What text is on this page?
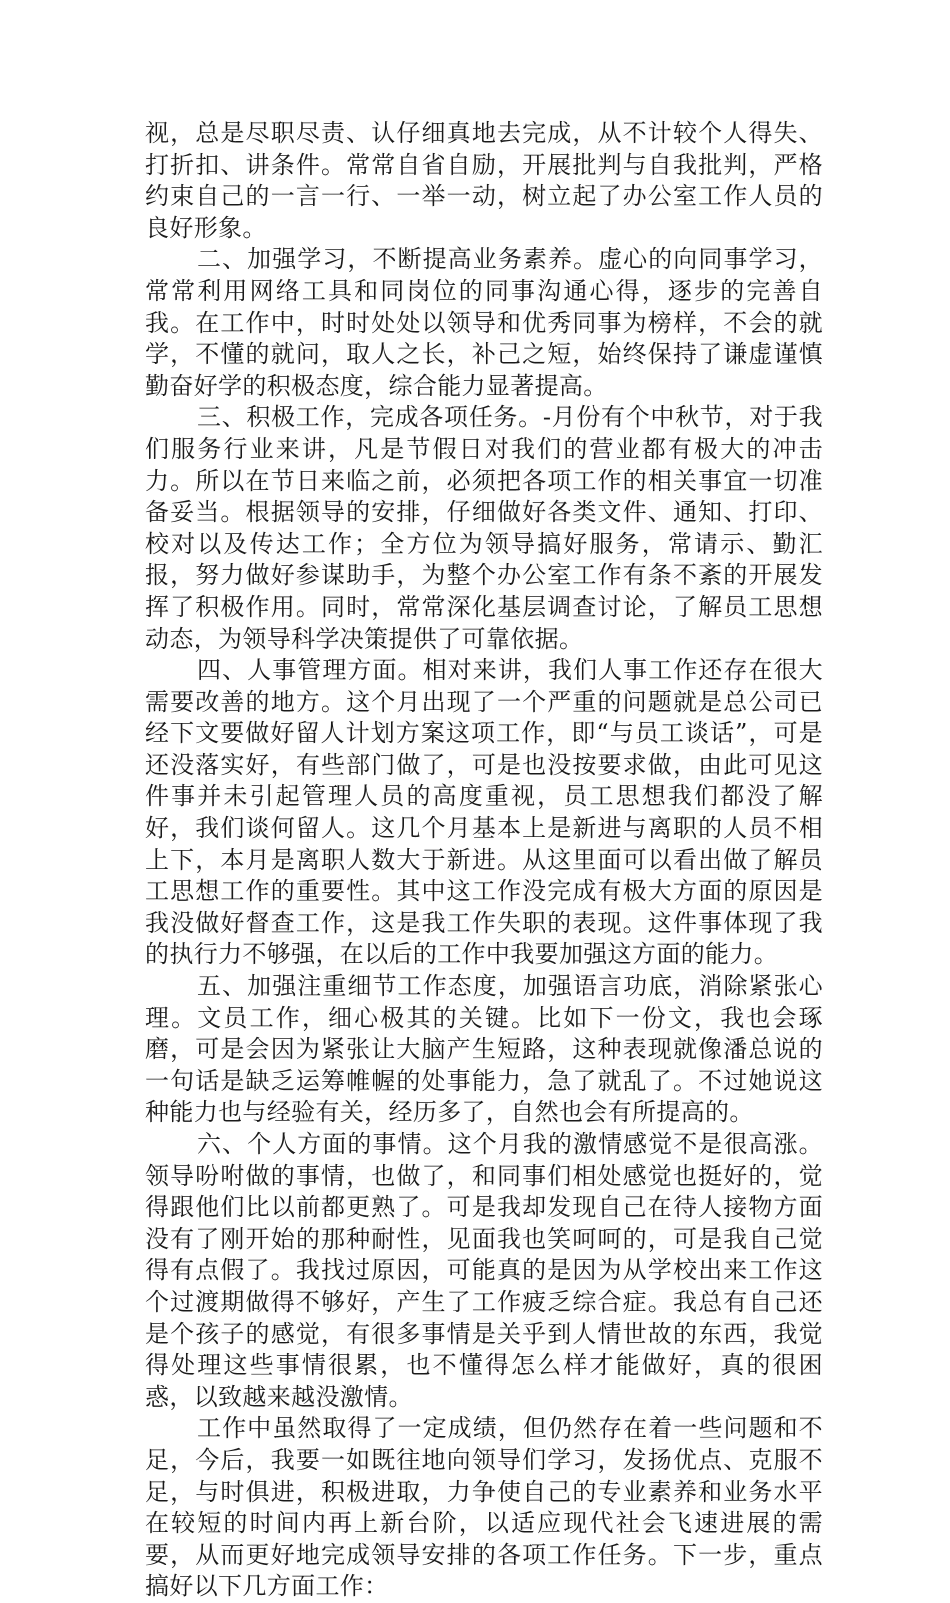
视，总是尽职尽责、认仔细真地去完成，从不计较个人得失、打折扣、讲条件。常常自省自励，开展批判与自我批判，严格约束自己的一言一行、一举一动，树立起了办公室工作人员的良好形象。

二、加强学习，不断提高业务素养。虚心的向同事学习，常常利用网络工具和同岗位的同事沟通心得，逐步的完善自我。在工作中，时时处处以领导和优秀同事为榜样，不会的就学，不懂的就问，取人之长，补己之短，始终保持了谦虚谨慎勤奋好学的积极态度，综合能力显著提高。

三、积极工作，完成各项任务。-月份有个中秋节，对于我们服务行业来讲，凡是节假日对我们的营业都有极大的冲击力。所以在节日来临之前，必须把各项工作的相关事宜一切准备妥当。根据领导的安排，仔细做好各类文件、通知、打印、校对以及传达工作；全方位为领导搞好服务，常请示、勤汇报，努力做好参谋助手，为整个办公室工作有条不紊的开展发挥了积极作用。同时，常常深化基层调查讨论，了解员工思想动态，为领导科学决策提供了可靠依据。

四、人事管理方面。相对来讲，我们人事工作还存在很大需要改善的地方。这个月出现了一个严重的问题就是总公司已经下文要做好留人计划方案这项工作，即“与员工谈话”，可是还没落实好，有些部门做了，可是也没按要求做，由此可见这件事并未引起管理人员的高度重视，员工思想我们都没了解好，我们谈何留人。这几个月基本上是新进与离职的人员不相上下，本月是离职人数大于新进。从这里面可以看出做了解员工思想工作的重要性。其中这工作没完成有极大方面的原因是我没做好督查工作，这是我工作失职的表现。这件事体现了我的执行力不够强，在以后的工作中我要加强这方面的能力。

五、加强注重细节工作态度，加强语言功底，消除紧张心理。文员工作，细心极其的关键。比如下一份文，我也会琢磨，可是会因为紧张让大脑产生短路，这种表现就像潘总说的一句话是缺乏运筹帷幄的处事能力，急了就乱了。不过她说这种能力也与经验有关，经历多了，自然也会有所提高的。

六、个人方面的事情。这个月我的激情感觉不是很高涨。领导吩咐做的事情，也做了，和同事们相处感觉也挺好的，觉得跟他们比以前都更熟了。可是我却发现自己在待人接物方面没有了刚开始的那种耐性，见面我也笑呵呵的，可是我自己觉得有点假了。我找过原因，可能真的是因为从学校出来工作这个过渡期做得不够好，产生了工作疲乏综合症。我总有自己还是个孩子的感觉，有很多事情是关乎到人情世故的东西，我觉得处理这些事情很累，也不懂得怎么样才能做好，真的很困惑，以致越来越没激情。

工作中虽然取得了一定成绩，但仍然存在着一些问题和不足，今后，我要一如既往地向领导们学习，发扬优点、克服不足，与时俱进，积极进取，力争使自己的专业素养和业务水平在较短的时间内再上新台阶，以适应现代社会飞速进展的需要，从而更好地完成领导安排的各项工作任务。下一步，重点搞好以下几方面工作：
